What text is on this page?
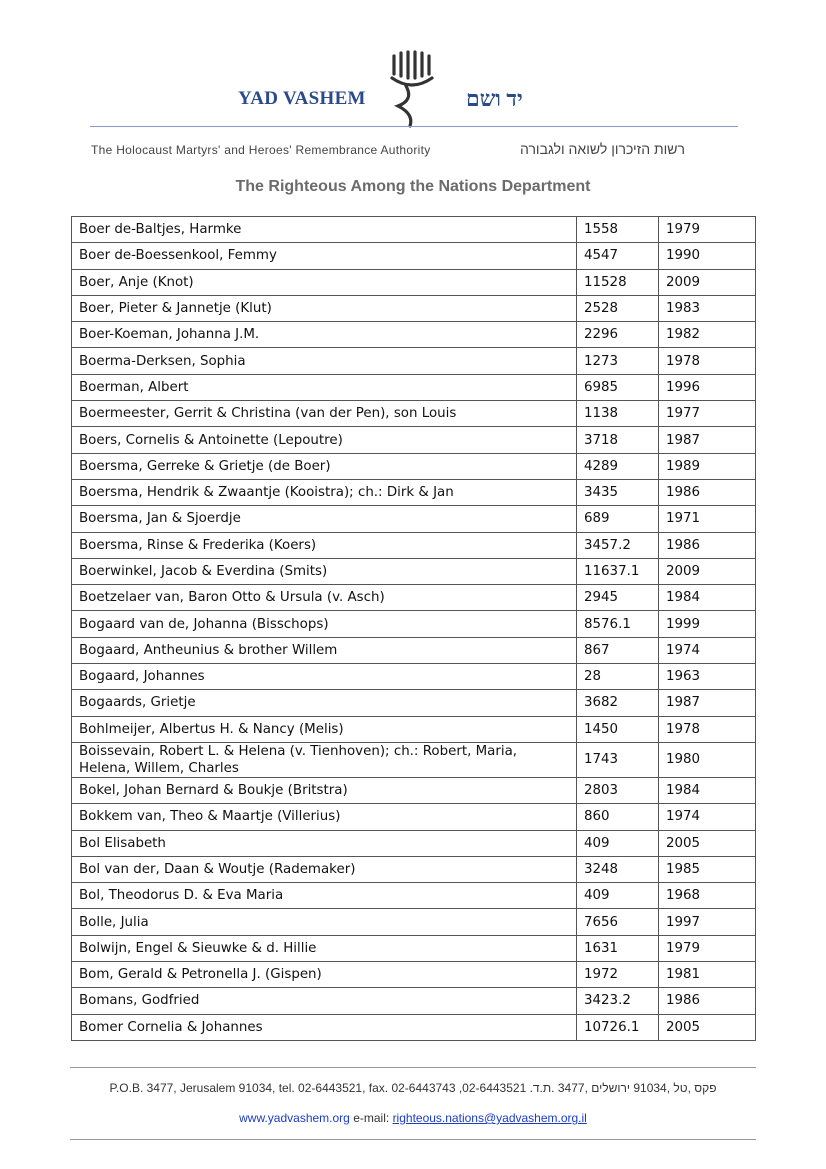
YAD VASHEM	יד ושם
The Holocaust Martyrs' and Heroes' Remembrance Authority	רשות הזיכרון לשואה ולגבורה
The Righteous Among the Nations Department
Boer de-Baltjes, Harmke	1558	1979
Boer de-Boessenkool, Femmy	4547	1990
Boer, Anje (Knot)	11528	2009
Boer, Pieter & Jannetje (Klut)	2528	1983
Boer-Koeman, Johanna J.M.	2296	1982
Boerma-Derksen, Sophia	1273	1978
Boerman, Albert	6985	1996
Boermeester, Gerrit & Christina (van der Pen), son Louis	1138	1977
Boers, Cornelis & Antoinette (Lepoutre)	3718	1987
Boersma, Gerreke & Grietje (de Boer)	4289	1989
Boersma, Hendrik & Zwaantje (Kooistra); ch.: Dirk & Jan	3435	1986
Boersma, Jan & Sjoerdje	689	1971
Boersma, Rinse & Frederika (Koers)	3457.2	1986
Boerwinkel, Jacob & Everdina (Smits)	11637.1	2009
Boetzelaer van, Baron Otto & Ursula (v. Asch)	2945	1984
Bogaard van de, Johanna (Bisschops)	8576.1	1999
Bogaard, Antheunius & brother Willem	867	1974
Bogaard, Johannes	28	1963
Bogaards, Grietje	3682	1987
Bohlmeijer, Albertus H. & Nancy (Melis)	1450	1978
Boissevain, Robert L. & Helena (v. Tienhoven); ch.: Robert, Maria, Helena, Willem, Charles	1743	1980
Bokel, Johan Bernard & Boukje (Britstra)	2803	1984
Bokkem van, Theo & Maartje (Villerius)	860	1974
Bol Elisabeth	409	2005
Bol van der, Daan & Woutje (Rademaker)	3248	1985
Bol, Theodorus D. & Eva Maria	409	1968
Bolle, Julia	7656	1997
Bolwijn, Engel & Sieuwke & d. Hillie	1631	1979
Bom, Gerald & Petronella J. (Gispen)	1972	1981
Bomans, Godfried	3423.2	1986
Bomer Cornelia & Johannes	10726.1	2005
P.O.B. 3477, Jerusalem 91034, tel. 02-6443521, fax. 02-6443743 ,02-6443521 .פקס ,טל ,91034 ירושלים ,3477 .ת.ד
www.yadvashem.org e-mail: righteous.nations@yadvashem.org.il
